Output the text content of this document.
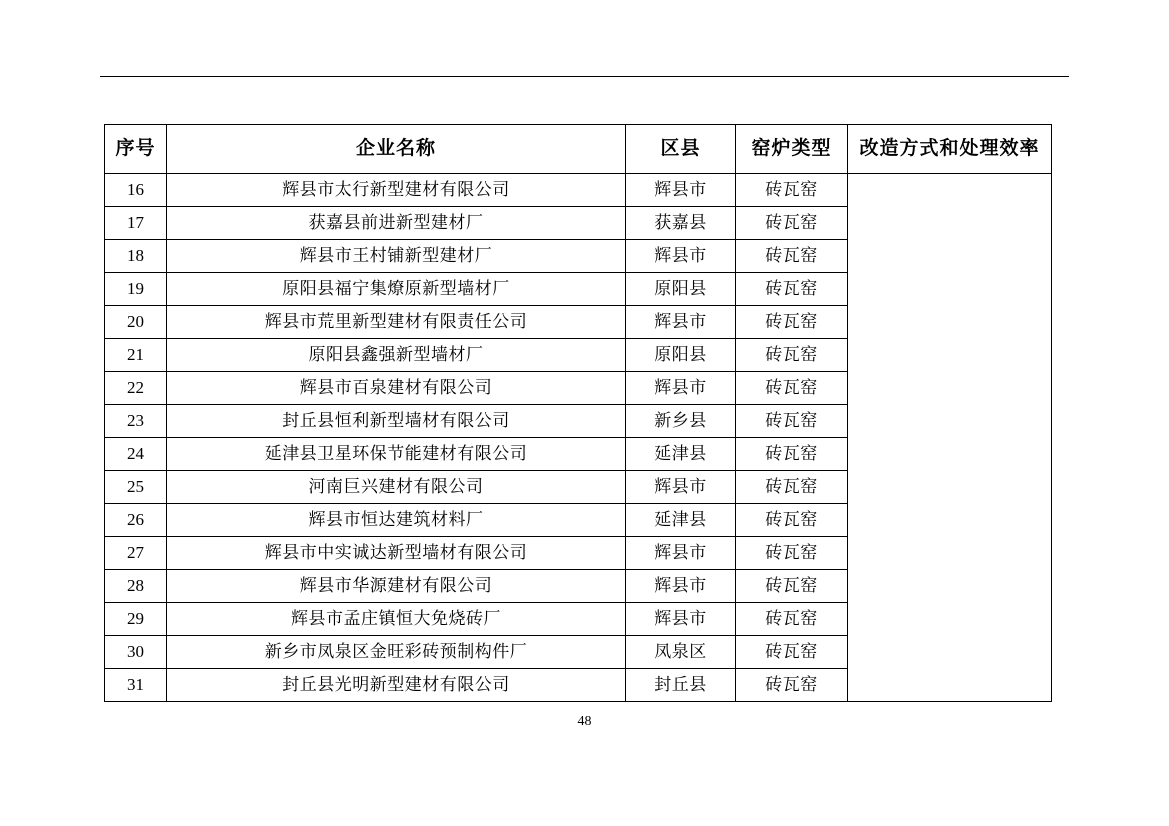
序号	企业名称	区县	窑炉类型	改造方式和处理效率
16	辉县市太行新型建材有限公司	辉县市	砖瓦窑	
17	获嘉县前进新型建材厂	获嘉县	砖瓦窑	
18	辉县市王村铺新型建材厂	辉县市	砖瓦窑	
19	原阳县福宁集燎原新型墙材厂	原阳县	砖瓦窑	
20	辉县市荒里新型建材有限责任公司	辉县市	砖瓦窑	
21	原阳县鑫强新型墙材厂	原阳县	砖瓦窑	
22	辉县市百泉建材有限公司	辉县市	砖瓦窑	
23	封丘县恒利新型墙材有限公司	新乡县	砖瓦窑	
24	延津县卫星环保节能建材有限公司	延津县	砖瓦窑	
25	河南巨兴建材有限公司	辉县市	砖瓦窑	
26	辉县市恒达建筑材料厂	延津县	砖瓦窑	
27	辉县市中实诚达新型墙材有限公司	辉县市	砖瓦窑	
28	辉县市华源建材有限公司	辉县市	砖瓦窑	
29	辉县市孟庄镇恒大免烧砖厂	辉县市	砖瓦窑	
30	新乡市凤泉区金旺彩砖预制构件厂	凤泉区	砖瓦窑	
31	封丘县光明新型建材有限公司	封丘县	砖瓦窑	
48
